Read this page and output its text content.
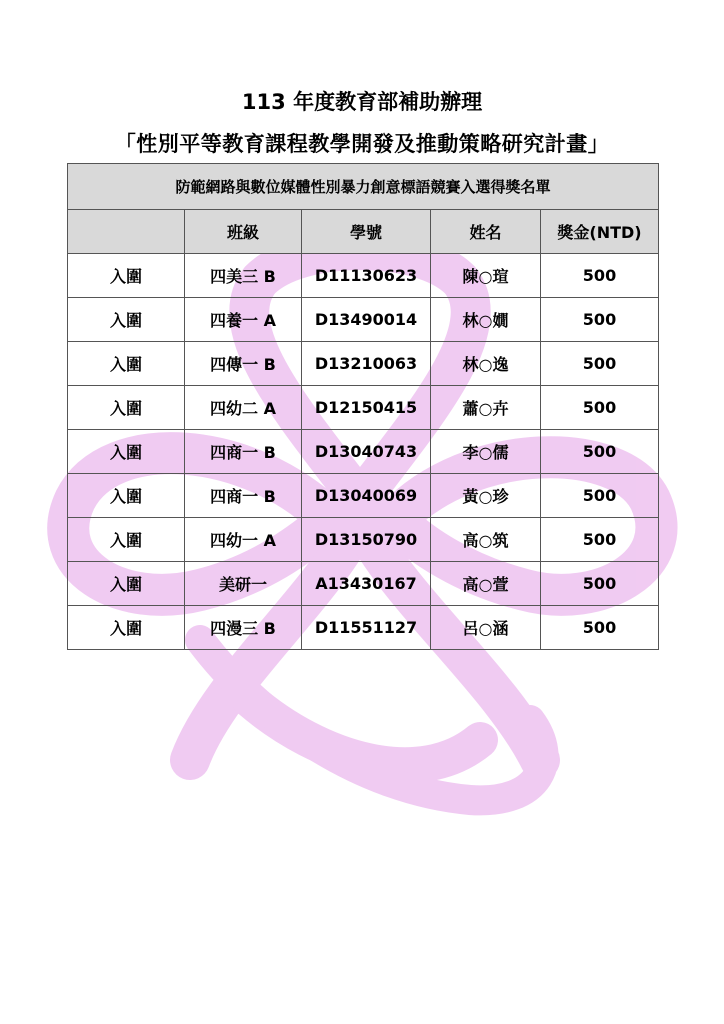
113 年度教育部補助辦理
「性別平等教育課程教學開發及推動策略研究計畫」
防範網路與數位媒體性別暴力創意標語競賽入選得獎名單				
	班級	學號	姓名	獎金(NTD)
入圍	四美三 B	D11130623	陳○瑄	500
入圍	四養一 A	D13490014	林○嫺	500
入圍	四傳一 B	D13210063	林○逸	500
入圍	四幼二 A	D12150415	蕭○卉	500
入圍	四商一 B	D13040743	李○儒	500
入圍	四商一 B	D13040069	黃○珍	500
入圍	四幼一 A	D13150790	高○筑	500
入圍	美研一	A13430167	高○萱	500
入圍	四漫三 B	D11551127	呂○涵	500
